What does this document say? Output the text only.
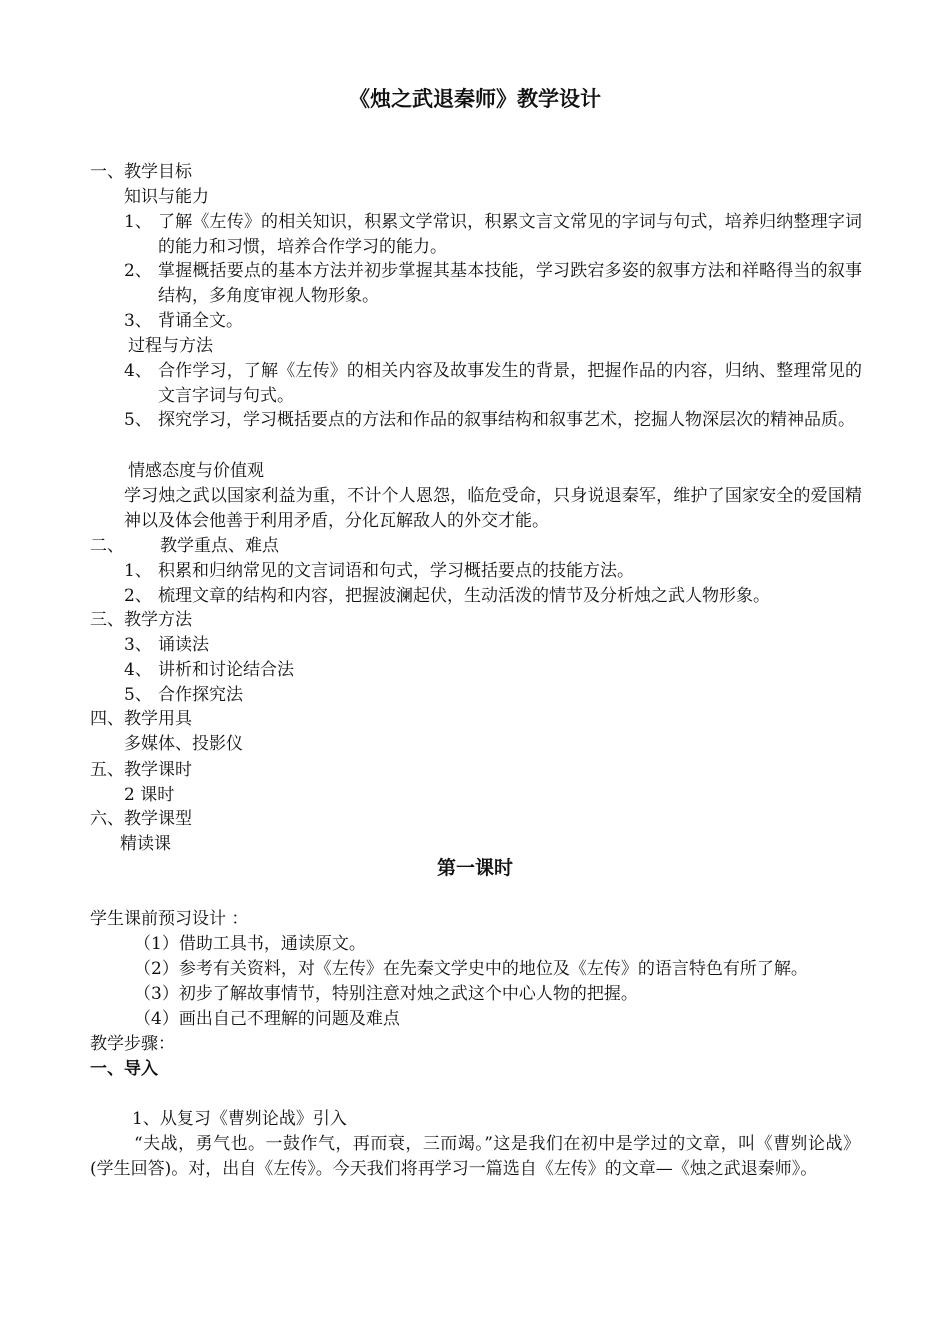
《烛之武退秦师》教学设计
一、教学目标
知识与能力
1、 了解《左传》的相关知识，积累文学常识，积累文言文常见的字词与句式，培养归纳整理字词的能力和习惯，培养合作学习的能力。
2、 掌握概括要点的基本方法并初步掌握其基本技能，学习跌宕多姿的叙事方法和祥略得当的叙事结构，多角度审视人物形象。
3、 背诵全文。
过程与方法
4、 合作学习，了解《左传》的相关内容及故事发生的背景，把握作品的内容，归纳、整理常见的文言字词与句式。
5、 探究学习，学习概括要点的方法和作品的叙事结构和叙事艺术，挖掘人物深层次的精神品质。
情感态度与价值观
学习烛之武以国家利益为重，不计个人恩怨，临危受命，只身说退秦军，维护了国家安全的爱国精神以及体会他善于利用矛盾，分化瓦解敌人的外交才能。
二、 教学重点、难点
1、 积累和归纳常见的文言词语和句式，学习概括要点的技能方法。
2、 梳理文章的结构和内容，把握波澜起伏，生动活泼的情节及分析烛之武人物形象。
三、教学方法
3、 诵读法
4、 讲析和讨论结合法
5、 合作探究法
四、教学用具
多媒体、投影仪
五、教学课时
2 课时
六、教学课型
精读课
第一课时
学生课前预习设计 ：
（1）借助工具书，通读原文。
（2）参考有关资料，对《左传》在先秦文学史中的地位及《左传》的语言特色有所了解。
（3）初步了解故事情节，特别注意对烛之武这个中心人物的把握。
（4）画出自己不理解的问题及难点
教学步骤：
一、导入
1、从复习《曹刿论战》引入
“夫战，勇气也。一鼓作气，再而衰，三而竭。”这是我们在初中是学过的文章，叫《曹刿论战》(学生回答)。对，出自《左传》。今天我们将再学习一篇选自《左传》的文章—《烛之武退秦师》。
